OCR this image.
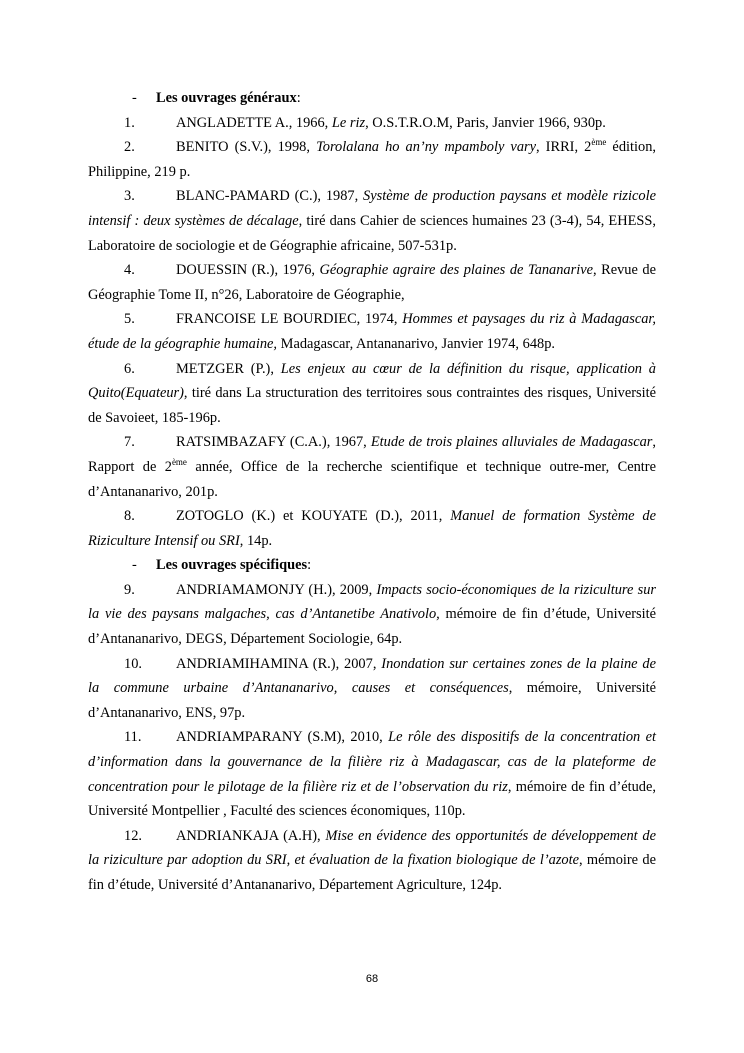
-	Les ouvrages généraux :
1.	ANGLADETTE A., 1966, Le riz, O.S.T.R.O.M, Paris, Janvier 1966, 930p.
2.	BENITO (S.V.), 1998, Torolalana ho an’ny mpamboly vary, IRRI, 2ème édition, Philippine, 219 p.
3.	BLANC-PAMARD (C.), 1987, Système de production paysans et modèle rizicole intensif : deux systèmes de décalage, tiré dans Cahier de sciences humaines 23 (3-4), 54, EHESS, Laboratoire de sociologie et de Géographie africaine, 507-531p.
4.	DOUESSIN (R.), 1976, Géographie agraire des plaines de Tananarive, Revue de Géographie Tome II, n°26, Laboratoire de Géographie,
5.	FRANCOISE LE BOURDIEC, 1974, Hommes et paysages du riz à Madagascar, étude de la géographie humaine, Madagascar, Antananarivo, Janvier 1974, 648p.
6.	METZGER (P.), Les enjeux au cœur de la définition du risque, application à Quito(Equateur), tiré dans La structuration des territoires sous contraintes des risques, Université de Savoieet, 185-196p.
7.	RATSIMBAZAFY (C.A.), 1967, Etude de trois plaines alluviales de Madagascar, Rapport de 2ème année, Office de la recherche scientifique et technique outre-mer, Centre d’Antananarivo, 201p.
8.	ZOTOGLO (K.) et KOUYATE (D.), 2011, Manuel de formation Système de Riziculture Intensif ou SRI, 14p.
-	Les ouvrages spécifiques :
9.	ANDRIAMAMONJY (H.), 2009, Impacts socio-économiques de la riziculture sur la vie des paysans malgaches, cas d’Antanetibe Anativolo, mémoire de fin d’étude, Université d’Antananarivo, DEGS, Département Sociologie, 64p.
10. ANDRIAMIHAMINA (R.), 2007, Inondation sur certaines zones de la plaine de la commune urbaine d’Antananarivo, causes et conséquences, mémoire, Université d’Antananarivo, ENS, 97p.
11. ANDRIAMPARANY (S.M), 2010, Le rôle des dispositifs de la concentration et d’information dans la gouvernance de la filière riz à Madagascar, cas de la plateforme de concentration pour le pilotage de la filière riz et de l’observation du riz, mémoire de fin d’étude, Université Montpellier , Faculté des sciences économiques, 110p.
12. ANDRIANKAJA (A.H), Mise en évidence des opportunités de développement de la riziculture par adoption du SRI, et évaluation de la fixation biologique de l’azote, mémoire de fin d’étude, Université d’Antananarivo, Département Agriculture, 124p.
68
